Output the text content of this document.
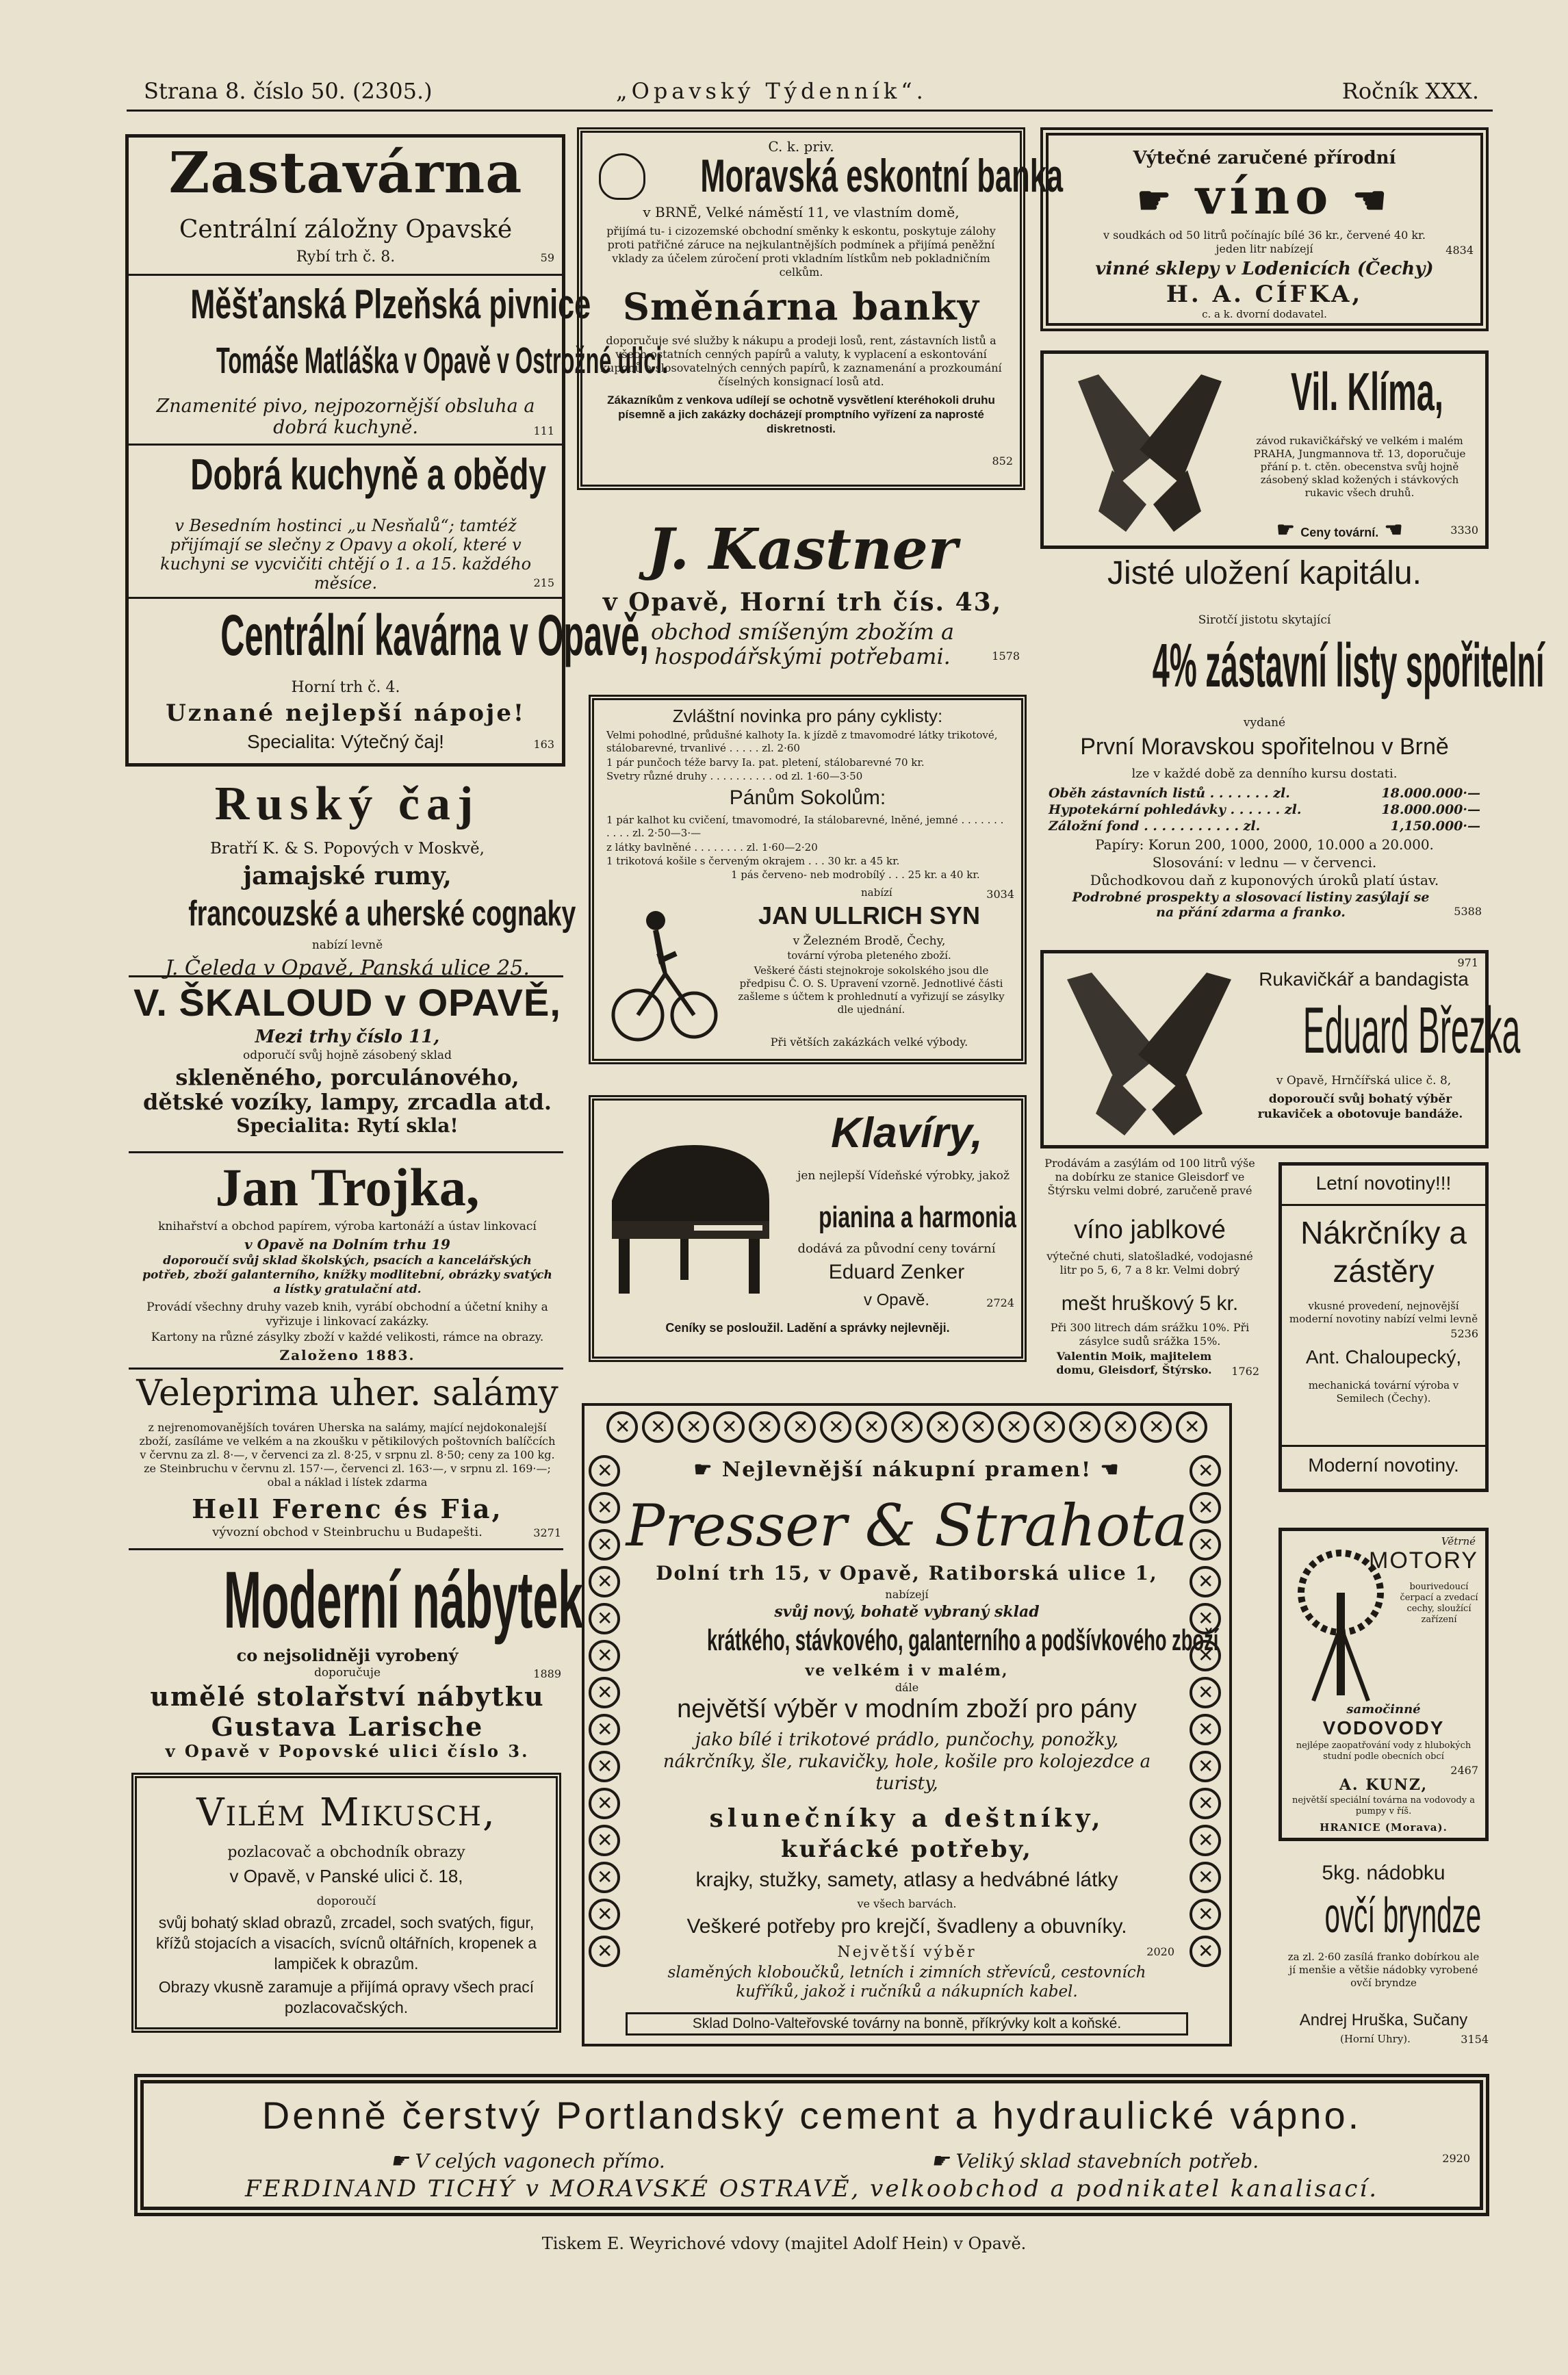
Strana 8. číslo 50. (2305.)	„Opavský Týdenník“.	Ročník XXX.
Zastavárna
Centrální záložny Opavské
Rybí trh č. 8.	59
Měšťanská Plzeňská pivnice
Tomáše Matláška v Opavě v Ostrožné ulici.
Znamenité pivo, nejpozornější obsluha a dobrá kuchyně.	111
Dobrá kuchyně a obědy
v Besedním hostinci „u Nesňalů“; tamtéž přijímají se slečny z Opavy a okolí, které v kuchyni se vycvičiti chtějí o 1. a 15. každého měsíce.	215
Centrální kavárna v Opavě,
Horní trh č. 4.
Uznané nejlepší nápoje!
Specialita: Výtečný čaj!	163
Ruský čaj
Bratří K. & S. Popových v Moskvě,
jamajské rumy,
francouzské a uherské cognaky
nabízí levně
J. Čeleda v Opavě, Panská ulice 25.
V. ŠKALOUD v OPAVĚ,
Mezi trhy číslo 11,
odporučí svůj hojně zásobený sklad
skleněného, porculánového, dětské vozíky, lampy, zrcadla atd.
Specialita: Rytí skla!
Jan Trojka,
knihařství a obchod papírem, výroba kartonáží a ústav linkovací
v Opavě na Dolním trhu 19
doporoučí svůj sklad školských, psacích a kancelářských potřeb, zboží galanterního, knížky modlitební, obrázky svatých a lístky gratulační atd.
Provádí všechny druhy vazeb knih, vyrábí obchodní a účetní knihy a vyřizuje i linkovací zakázky.
Kartony na různé zásylky zboží v každé velikosti, rámce na obrazy.
Založeno 1883.
Veleprima uher. salámy
z nejrenomovanějších továren Uherska na salámy, mající nejdokonalejší zboží, zasíláme ve velkém a na zkoušku v pětikilových poštovních balíčcích v červnu za zl. 8·—, v červenci za zl. 8·25, v srpnu zl. 8·50; ceny za 100 kg. ze Steinbruchu v červnu zl. 157·—, červenci zl. 163·—, v srpnu zl. 169·—; obal a náklad i lístek zdarma
Hell Ferenc és Fia,
vývozní obchod v Steinbruchu u Budapešti.	3271
Moderní nábytek
co nejsolidněji vyrobený
doporučuje	1889
umělé stolařství nábytku
Gustava Larische
v Opavě v Popovské ulici číslo 3.
Vilém Mikusch,
pozlacovač a obchodník obrazy
v Opavě, v Panské ulici č. 18,
doporoučí
svůj bohatý sklad obrazů, zrcadel, soch svatých, figur, křížů stojacích a visacích, svícnů oltářních, kropenek a lampiček k obrazům.
Obrazy vkusně zaramuje a přijímá opravy všech prací pozlacovačských.
C. k. priv.
Moravská eskontní banka
v BRNĚ, Velké náměstí 11, ve vlastním domě,
přijímá tu- i cizozemské obchodní směnky k eskontu, poskytuje zálohy proti patřičné záruce na nejkulantnějších podmínek a přijímá peněžní vklady za účelem zúročení proti vkladním lístkům neb pokladničním celkům.
Směnárna banky
doporučuje své služby k nákupu a prodeji losů, rent, zástavních listů a všech ostatních cenných papírů a valuty, k vyplacení a eskontování kuponů a slosovatelných cenných papírů, k zaznamenání a prozkoumání číselných konsignací losů atd.
Zákazníkům z venkova udílejí se ochotně vysvětlení kteréhokoli druhu písemně a jich zakázky docházejí promptního vyřízení za naprosté diskretnosti.
852
J. Kastner
v Opavě, Horní trh čís. 43,
obchod smíšeným zbožím a hospodářskými potřebami.	1578
Zvláštní novinka pro pány cyklisty:
Velmi pohodlné, průdušné kalhoty Ia. k jízdě z tmavomodré látky trikotové, stálobarevné, trvanlivé . . . . . zl. 2·60
1 pár punčoch téže barvy Ia. pat. pletení, stálobarevné 70 kr.
Svetry různé druhy . . . . . . . . . . od zl. 1·60—3·50
Pánům Sokolům:
1 pár kalhot ku cvičení, tmavomodré, Ia stálobarevné, lněné, jemné . . . . . . . . . . . zl. 2·50—3·—
z látky bavlněné . . . . . . . . zl. 1·60—2·20
1 trikotová košile s červeným okrajem . . . 30 kr. a 45 kr.
1 pás červeno- neb modrobílý . . . 25 kr. a 40 kr.
nabízí	3034
JAN ULLRICH SYN
v Železném Brodě, Čechy,
tovární výroba pleteného zboží.
Veškeré části stejnokroje sokolského jsou dle předpisu Č. O. S. Upravení vzorně. Jednotlivé části zašleme s účtem k prohlednutí a vyřizují se zásylky dle ujednání.
Při větších zakázkách velké výbody.
Klavíry,
jen nejlepší Vídeňské výrobky, jakož
pianina a harmonia
dodává za původní ceny tovární
Eduard Zenker
v Opavě.	2724
Ceníky se posloužil. Ladění a správky nejlevněji.
✕✕✕✕✕✕✕✕✕✕✕✕✕✕✕✕✕
✕
✕
✕
✕
✕
✕
✕
✕
✕
✕
✕
✕
✕
✕
✕
✕
✕
✕
✕
✕
✕
✕
✕
✕
✕
✕
✕
✕
☛ Nejlevnější nákupní pramen! ☚
Presser & Strahota
Dolní trh 15, v Opavě, Ratiborská ulice 1,
nabízejí
svůj nový, bohatě vybraný sklad
krátkého, stávkového, galanterního a podšívkového zboží
ve velkém i v malém,
dále
největší výběr v modním zboží pro pány
jako bílé i trikotové prádlo, punčochy, ponožky, nákrčníky, šle, rukavičky, hole, košile pro kolojezdce a turisty,
slunečníky a deštníky,
kuřácké potřeby,
krajky, stužky, samety, atlasy a hedvábné látky
ve všech barvách.
Veškeré potřeby pro krejčí, švadleny a obuvníky.
Největší výběr	2020
slaměných kloboučků, letních i zimních střevíců, cestovních kufříků, jakož i ručníků a nákupních kabel.
Sklad Dolno-Valteřovské továrny na bonně, příkrývky kolt a koňské.
Výtečné zaručené přírodní
☛ víno ☚
v soudkách od 50 litrů počínajíc bílé 36 kr., červené 40 kr.
jeden litr nabízejí	4834
vinné sklepy v Lodenicích (Čechy)
H. A. CÍFKA,
c. a k. dvorní dodavatel.
Vil. Klíma,
závod rukavičkářský ve velkém i malém PRAHA, Jungmannova tř. 13, doporučuje přání p. t. ctěn. obecenstva svůj hojně zásobený sklad kožených i stávkových rukavic všech druhů.
☛ Ceny tovární. ☚	3330
Jisté uložení kapitálu.
Sirotčí jistotu skytající
4% zástavní listy spořitelní
vydané
První Moravskou spořitelnou v Brně
lze v každé době za denního kursu dostati.
Oběh zástavních listů . . . . . . . zl.	18.000.000·—
Hypotekární pohledávky . . . . . . zl.	18.000.000·—
Záložní fond . . . . . . . . . . . zl.	1,150.000·—
Papíry: Korun 200, 1000, 2000, 10.000 a 20.000.
Slosování: v lednu — v červenci.
Důchodkovou daň z kuponových úroků platí ústav.
Podrobné prospekty a slosovací listiny zasýlají se na přání zdarma a franko.	5388
971
Rukavičkář a bandagista
Eduard Březka
v Opavě, Hrnčířská ulice č. 8,
doporoučí svůj bohatý výběr rukaviček a obotovuje bandáže.
Prodávám a zasýlám od 100 litrů výše na dobírku ze stanice Gleisdorf ve Štýrsku velmi dobré, zaručeně pravé
víno jablkové
výtečné chuti, slatošladké, vodojasné litr po 5, 6, 7 a 8 kr. Velmi dobrý
mešt hruškový 5 kr.
Při 300 litrech dám srážku 10%. Při zásylce sudů srážka 15%.
Valentin Moik, majitelem domu, Gleisdorf, Štýrsko.	1762
Letní novotiny!!!
Nákrčníky a zástěry
vkusné provedení, nejnovější moderní novotiny nabízí velmi levně
5236
Ant. Chaloupecký,
mechanická tovární výroba v Semilech (Čechy).
Moderní novotiny.
Větrné
MOTORY
bourivedoucí čerpací a zvedací cechy, sloužící zařízení
samočinné
VODOVODY
nejlépe zaopatřování vody z hlubokých studní podle obecních obcí
2467
A. KUNZ,
největší speciální továrna na vodovody a pumpy v říš.
HRANICE (Morava).
5kg. nádobku
ovčí bryndze
za zl. 2·60 zasílá franko dobírkou ale jí menšie a většie nádobky vyrobené ovčí bryndze
Andrej Hruška, Sučany
(Horní Uhry).	3154
Denně čerstvý Portlandský cement a hydraulické vápno.
☛ V celých vagonech přímo.	☛ Veliký sklad stavebních potřeb.	2920
FERDINAND TICHÝ v MORAVSKÉ OSTRAVĚ, velkoobchod a podnikatel kanalisací.
Tiskem E. Weyrichové vdovy (majitel Adolf Hein) v Opavě.
